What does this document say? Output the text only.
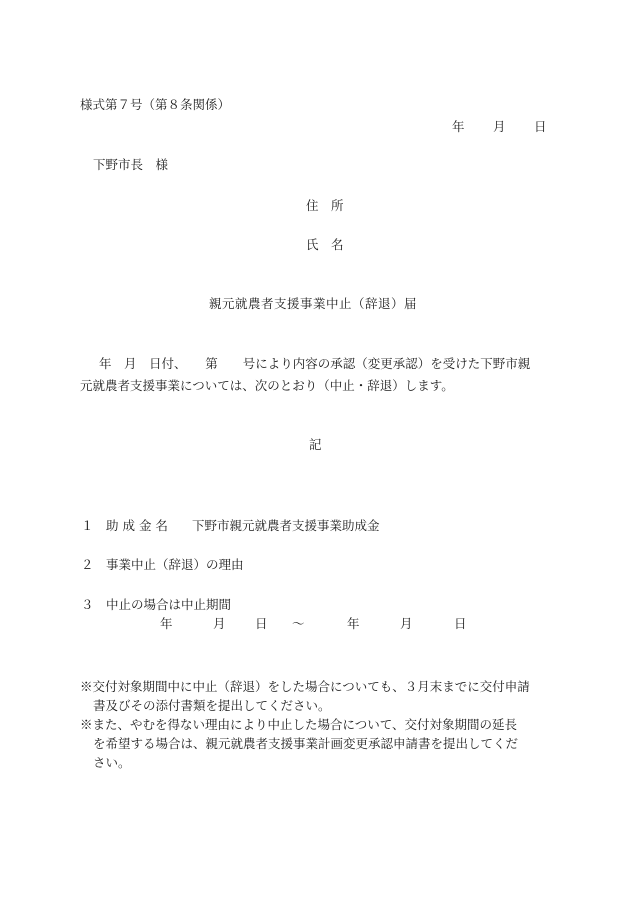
様式第７号（第８条関係）
年 月 日
下野市長　様
住　所
氏　名
親元就農者支援事業中止（辞退）届
年　月　日付、　　第　　号により内容の承認（変更承認）を受けた下野市親
元就農者支援事業については、次のとおり（中止・辞退）します。
記
１ 助 成 金 名 下野市親元就農者支援事業助成金
２ 事業中止（辞退）の理由
３ 中止の場合は中止期間
年	月 日 ～	年	月	日
※交付対象期間中に中止（辞退）をした場合についても、３月末までに交付申請
書及びその添付書類を提出してください。
※また、やむを得ない理由により中止した場合について、交付対象期間の延長
を希望する場合は、親元就農者支援事業計画変更承認申請書を提出してくだ
さい。
